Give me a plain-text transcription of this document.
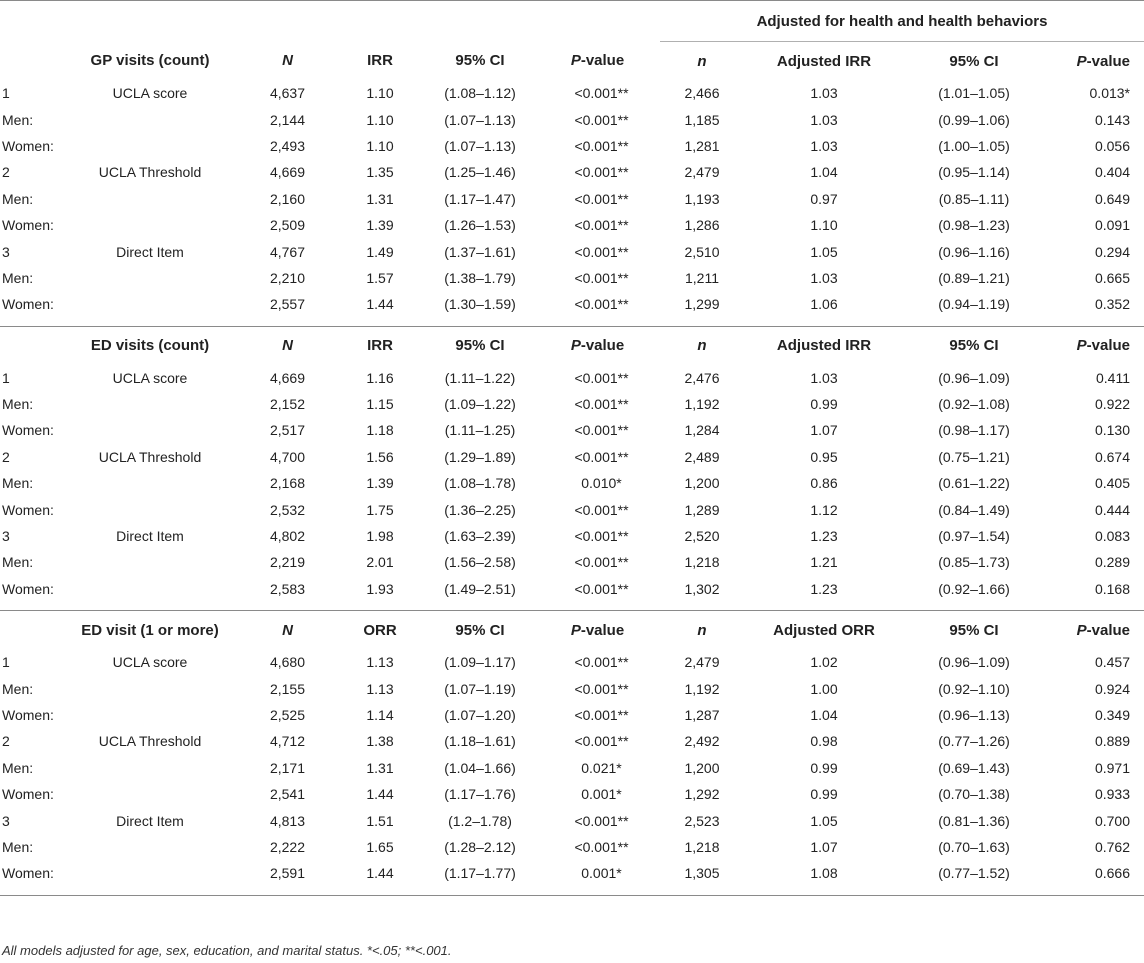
						Adjusted for health and health behaviors			
	GP visits (count)	N	IRR	95% CI	P-value	n	Adjusted IRR	95% CI	P-value
1	UCLA score	4,637	1.10	(1.08–1.12)	<0.001**	2,466	1.03	(1.01–1.05)	0.013*
Men:		2,144	1.10	(1.07–1.13)	<0.001**	1,185	1.03	(0.99–1.06)	0.143
Women:		2,493	1.10	(1.07–1.13)	<0.001**	1,281	1.03	(1.00–1.05)	0.056
2	UCLA Threshold	4,669	1.35	(1.25–1.46)	<0.001**	2,479	1.04	(0.95–1.14)	0.404
Men:		2,160	1.31	(1.17–1.47)	<0.001**	1,193	0.97	(0.85–1.11)	0.649
Women:		2,509	1.39	(1.26–1.53)	<0.001**	1,286	1.10	(0.98–1.23)	0.091
3	Direct Item	4,767	1.49	(1.37–1.61)	<0.001**	2,510	1.05	(0.96–1.16)	0.294
Men:		2,210	1.57	(1.38–1.79)	<0.001**	1,211	1.03	(0.89–1.21)	0.665
Women:		2,557	1.44	(1.30–1.59)	<0.001**	1,299	1.06	(0.94–1.19)	0.352

	ED visits (count)	N	IRR	95% CI	P-value	n	Adjusted IRR	95% CI	P-value
1	UCLA score	4,669	1.16	(1.11–1.22)	<0.001**	2,476	1.03	(0.96–1.09)	0.411
Men:		2,152	1.15	(1.09–1.22)	<0.001**	1,192	0.99	(0.92–1.08)	0.922
Women:		2,517	1.18	(1.11–1.25)	<0.001**	1,284	1.07	(0.98–1.17)	0.130
2	UCLA Threshold	4,700	1.56	(1.29–1.89)	<0.001**	2,489	0.95	(0.75–1.21)	0.674
Men:		2,168	1.39	(1.08–1.78)	0.010*	1,200	0.86	(0.61–1.22)	0.405
Women:		2,532	1.75	(1.36–2.25)	<0.001**	1,289	1.12	(0.84–1.49)	0.444
3	Direct Item	4,802	1.98	(1.63–2.39)	<0.001**	2,520	1.23	(0.97–1.54)	0.083
Men:		2,219	2.01	(1.56–2.58)	<0.001**	1,218	1.21	(0.85–1.73)	0.289
Women:		2,583	1.93	(1.49–2.51)	<0.001**	1,302	1.23	(0.92–1.66)	0.168

	ED visit (1 or more)	N	ORR	95% CI	P-value	n	Adjusted ORR	95% CI	P-value
1	UCLA score	4,680	1.13	(1.09–1.17)	<0.001**	2,479	1.02	(0.96–1.09)	0.457
Men:		2,155	1.13	(1.07–1.19)	<0.001**	1,192	1.00	(0.92–1.10)	0.924
Women:		2,525	1.14	(1.07–1.20)	<0.001**	1,287	1.04	(0.96–1.13)	0.349
2	UCLA Threshold	4,712	1.38	(1.18–1.61)	<0.001**	2,492	0.98	(0.77–1.26)	0.889
Men:		2,171	1.31	(1.04–1.66)	0.021*	1,200	0.99	(0.69–1.43)	0.971
Women:		2,541	1.44	(1.17–1.76)	0.001*	1,292	0.99	(0.70–1.38)	0.933
3	Direct Item	4,813	1.51	(1.2–1.78)	<0.001**	2,523	1.05	(0.81–1.36)	0.700
Men:		2,222	1.65	(1.28–2.12)	<0.001**	1,218	1.07	(0.70–1.63)	0.762
Women:		2,591	1.44	(1.17–1.77)	0.001*	1,305	1.08	(0.77–1.52)	0.666

All models adjusted for age, sex, education, and marital status. *<.05; **<.001.
